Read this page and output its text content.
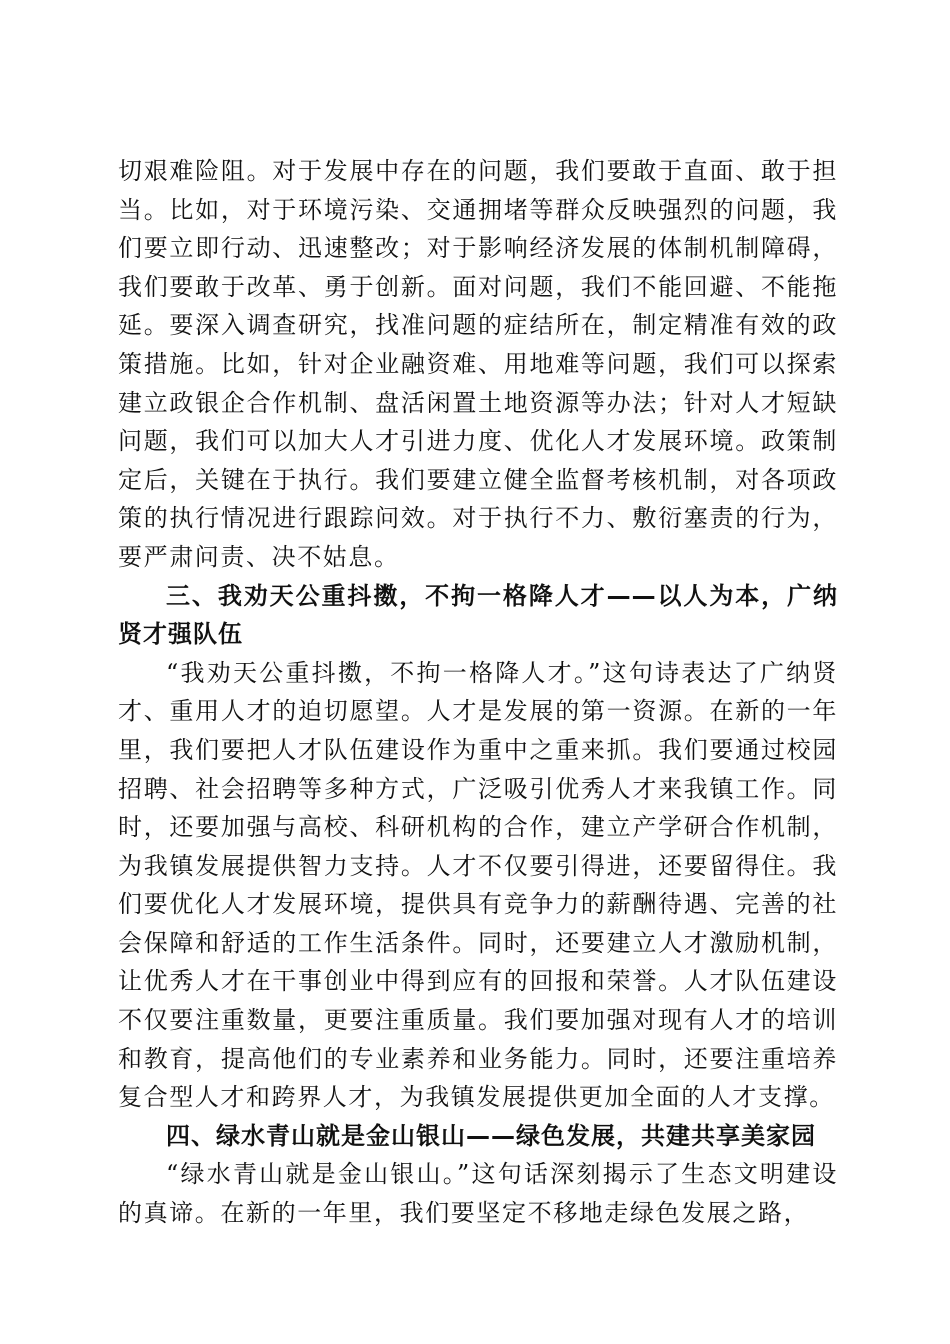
切艰难险阻。对于发展中存在的问题，我们要敢于直面、敢于担当。比如，对于环境污染、交通拥堵等群众反映强烈的问题，我们要立即行动、迅速整改；对于影响经济发展的体制机制障碍，我们要敢于改革、勇于创新。面对问题，我们不能回避、不能拖延。要深入调查研究，找准问题的症结所在，制定精准有效的政策措施。比如，针对企业融资难、用地难等问题，我们可以探索建立政银企合作机制、盘活闲置土地资源等办法；针对人才短缺问题，我们可以加大人才引进力度、优化人才发展环境。政策制定后，关键在于执行。我们要建立健全监督考核机制，对各项政策的执行情况进行跟踪问效。对于执行不力、敷衍塞责的行为，要严肃问责、决不姑息。

三、我劝天公重抖擞，不拘一格降人才——以人为本，广纳贤才强队伍

“我劝天公重抖擞，不拘一格降人才。”这句诗表达了广纳贤才、重用人才的迫切愿望。人才是发展的第一资源。在新的一年里，我们要把人才队伍建设作为重中之重来抓。我们要通过校园招聘、社会招聘等多种方式，广泛吸引优秀人才来我镇工作。同时，还要加强与高校、科研机构的合作，建立产学研合作机制，为我镇发展提供智力支持。人才不仅要引得进，还要留得住。我们要优化人才发展环境，提供具有竞争力的薪酬待遇、完善的社会保障和舒适的工作生活条件。同时，还要建立人才激励机制，让优秀人才在干事创业中得到应有的回报和荣誉。人才队伍建设不仅要注重数量，更要注重质量。我们要加强对现有人才的培训和教育，提高他们的专业素养和业务能力。同时，还要注重培养复合型人才和跨界人才，为我镇发展提供更加全面的人才支撑。

四、绿水青山就是金山银山——绿色发展，共建共享美家园

“绿水青山就是金山银山。”这句话深刻揭示了生态文明建设的真谛。在新的一年里，我们要坚定不移地走绿色发展之路，
